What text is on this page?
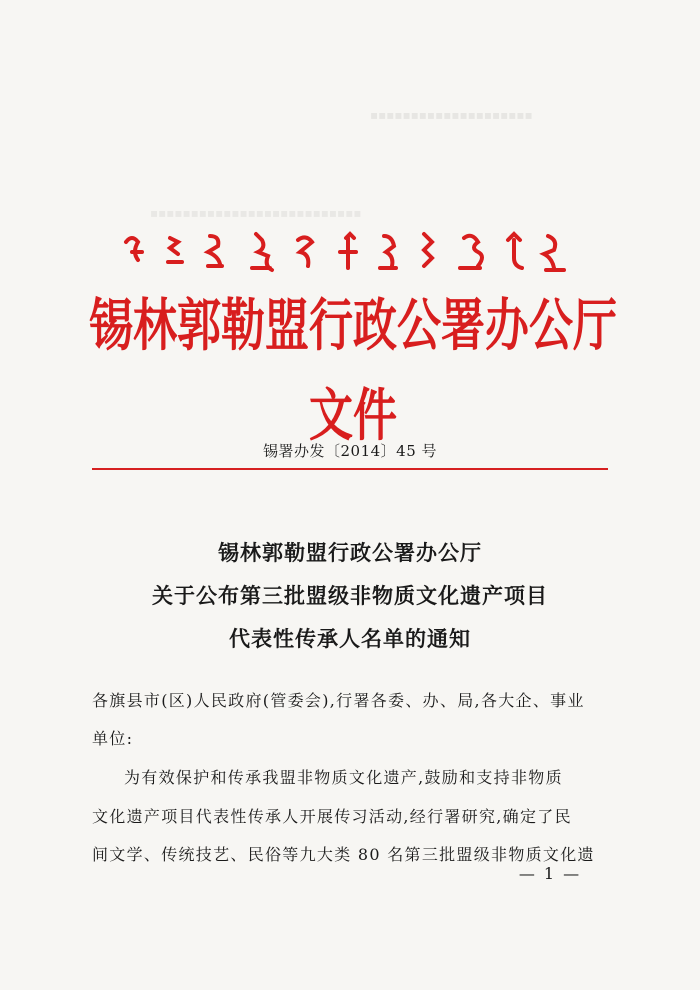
▪▪▪▪▪▪▪▪▪▪▪▪▪▪▪▪▪▪▪▪
▪▪▪▪▪▪▪▪▪▪▪▪▪▪▪▪▪▪▪▪▪▪▪▪▪▪
锡林郭勒盟行政公署办公厅文件
锡署办发〔2014〕45 号
锡林郭勒盟行政公署办公厅
关于公布第三批盟级非物质文化遗产项目
代表性传承人名单的通知
各旗县市(区)人民政府(管委会),行署各委、办、局,各大企、事业
单位:
为有效保护和传承我盟非物质文化遗产,鼓励和支持非物质
文化遗产项目代表性传承人开展传习活动,经行署研究,确定了民
间文学、传统技艺、民俗等九大类 80 名第三批盟级非物质文化遗
— 1 —
